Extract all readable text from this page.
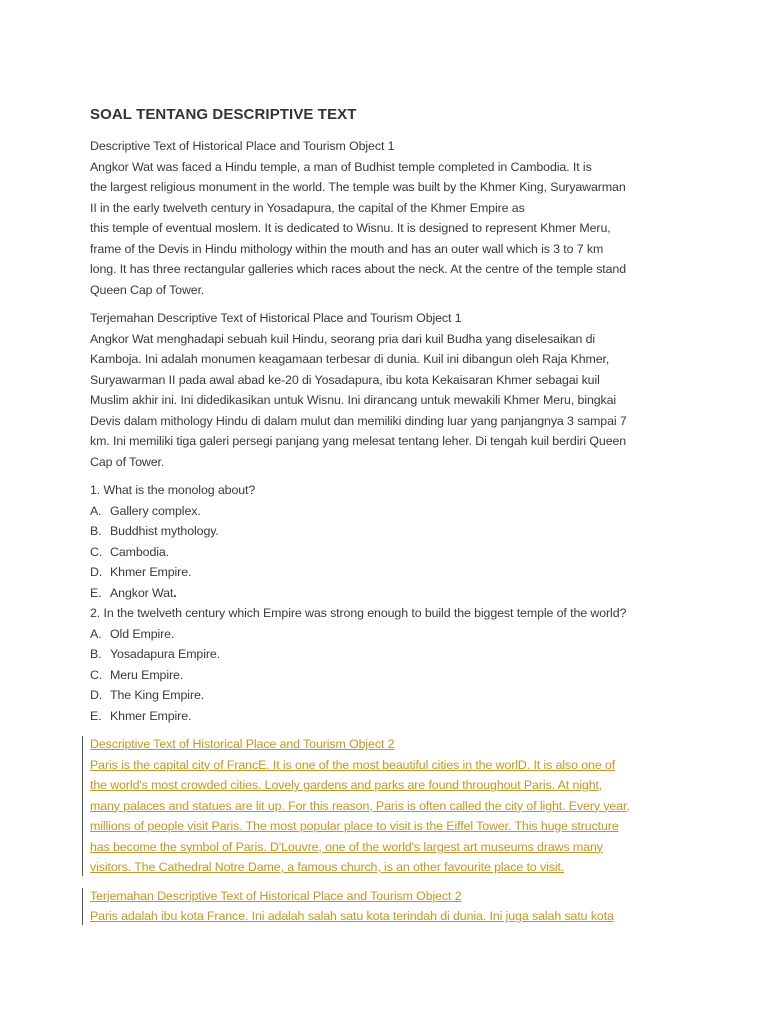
SOAL TENTANG DESCRIPTIVE TEXT
Descriptive Text of Historical Place and Tourism Object 1
Angkor Wat was faced a Hindu temple, a man of Budhist temple completed in Cambodia. It is
the largest religious monument in the world. The temple was built by the Khmer King, Suryawarman
II in the early twelveth century in Yosadapura, the capital of the Khmer Empire as
this temple of eventual moslem. It is dedicated to Wisnu. It is designed to represent Khmer Meru,
frame of the Devis in Hindu mithology within the mouth and has an outer wall which is 3 to 7 km
long. It has three rectangular galleries which races about the neck. At the centre of the temple stand
Queen Cap of Tower.
Terjemahan Descriptive Text of Historical Place and Tourism Object 1
Angkor Wat menghadapi sebuah kuil Hindu, seorang pria dari kuil Budha yang diselesaikan di
Kamboja. Ini adalah monumen keagamaan terbesar di dunia. Kuil ini dibangun oleh Raja Khmer,
Suryawarman II pada awal abad ke-20 di Yosadapura, ibu kota Kekaisaran Khmer sebagai kuil
Muslim akhir ini. Ini didedikasikan untuk Wisnu. Ini dirancang untuk mewakili Khmer Meru, bingkai
Devis dalam mithology Hindu di dalam mulut dan memiliki dinding luar yang panjangnya 3 sampai 7
km. Ini memiliki tiga galeri persegi panjang yang melesat tentang leher. Di tengah kuil berdiri Queen
Cap of Tower.
1. What is the monolog about?
A. Gallery complex.
B. Buddhist mythology.
C. Cambodia.
D. Khmer Empire.
E. Angkor Wat.
2. In the twelveth century which Empire was strong enough to build the biggest temple of the world?
A. Old Empire.
B. Yosadapura Empire.
C. Meru Empire.
D. The King Empire.
E. Khmer Empire.
Descriptive Text of Historical Place and Tourism Object 2
Paris is the capital city of FrancE. It is one of the most beautiful cities in the worlD. It is also one of
the world's most crowded cities. Lovely gardens and parks are found throughout Paris. At night,
many palaces and statues are lit up. For this reason, Paris is often called the city of light. Every year,
millions of people visit Paris. The most popular place to visit is the Eiffel Tower. This huge structure
has become the symbol of Paris. D'Louvre, one of the world's largest art museums draws many
visitors. The Cathedral Notre Dame, a famous church, is an other favourite place to visit.
Terjemahan Descriptive Text of Historical Place and Tourism Object 2
Paris adalah ibu kota France. Ini adalah salah satu kota terindah di dunia. Ini juga salah satu kota
